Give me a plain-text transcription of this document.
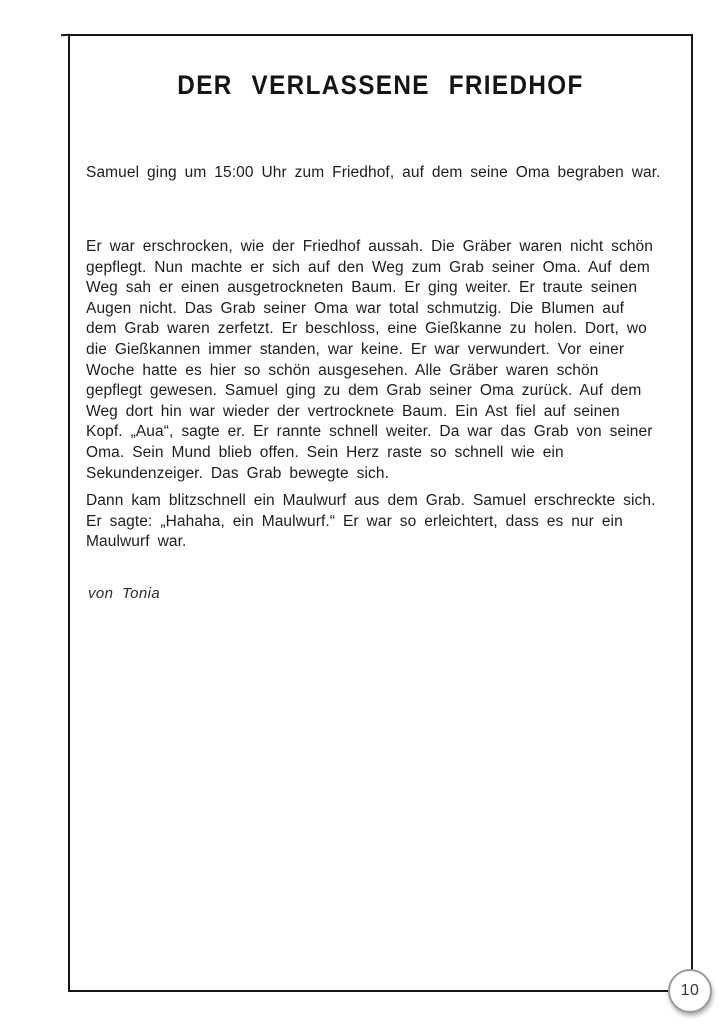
DER VERLASSENE FRIEDHOF

Samuel ging um 15:00 Uhr zum Friedhof, auf dem seine Oma begraben war.

Er war erschrocken, wie der Friedhof aussah. Die Gräber waren nicht schön gepflegt. Nun machte er sich auf den Weg zum Grab seiner Oma. Auf dem Weg sah er einen ausgetrockneten Baum. Er ging weiter. Er traute seinen Augen nicht. Das Grab seiner Oma war total schmutzig. Die Blumen auf dem Grab waren zerfetzt. Er beschloss, eine Gießkanne zu holen. Dort, wo die Gießkannen immer standen, war keine. Er war verwundert. Vor einer Woche hatte es hier so schön ausgesehen. Alle Gräber waren schön gepflegt gewesen. Samuel ging zu dem Grab seiner Oma zurück. Auf dem Weg dort hin war wieder der vertrocknete Baum. Ein Ast fiel auf seinen Kopf. „Aua“, sagte er. Er rannte schnell weiter. Da war das Grab von seiner Oma. Sein Mund blieb offen. Sein Herz raste so schnell wie ein Sekundenzeiger. Das Grab bewegte sich.

Dann kam blitzschnell ein Maulwurf aus dem Grab. Samuel erschreckte sich. Er sagte: „Hahaha, ein Maulwurf.“ Er war so erleichtert, dass es nur ein Maulwurf war.

von Tonia
10
